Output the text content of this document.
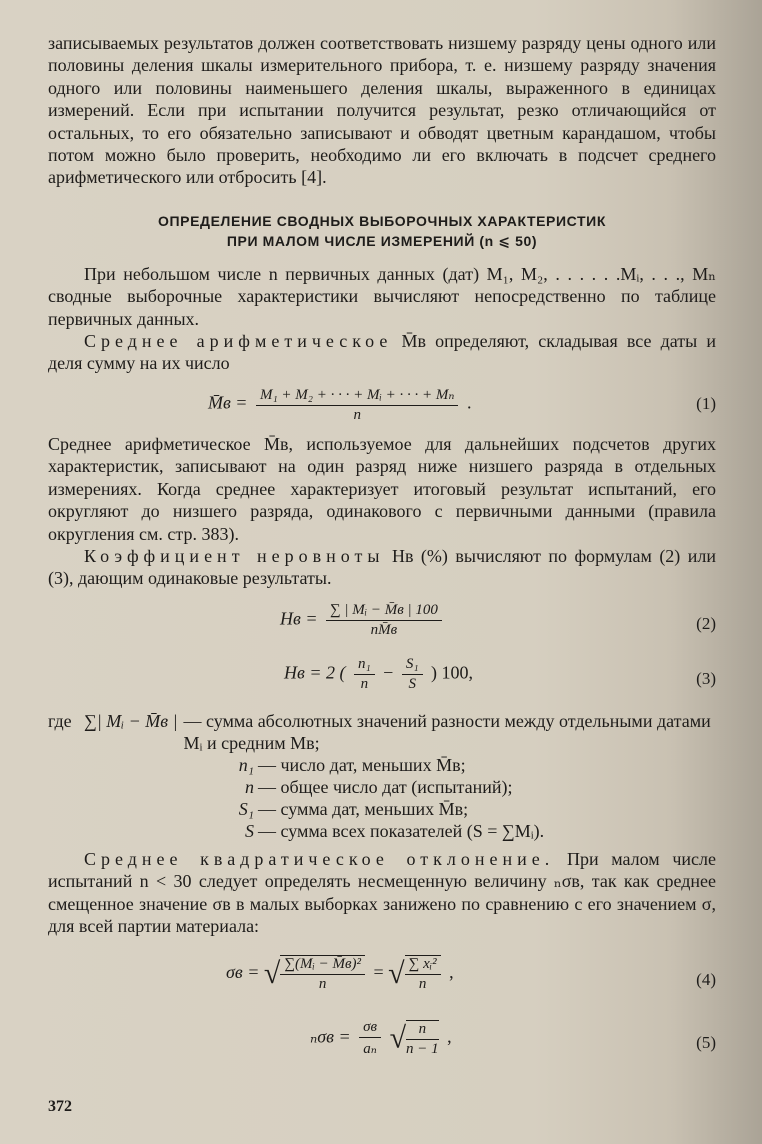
записываемых результатов должен соответствовать низшему разряду цены одного или половины деления шкалы измерительного прибора, т. е. низшему разряду значения одного или половины наименьшего деления шкалы, выраженного в единицах измерений. Если при испытании получится результат, резко отличающийся от остальных, то его обязательно записывают и обводят цветным карандашом, чтобы потом можно было проверить, необходимо ли его включать в подсчет среднего арифметического или отбросить [4].

ОПРЕДЕЛЕНИЕ СВОДНЫХ ВЫБОРОЧНЫХ ХАРАКТЕРИСТИК
ПРИ МАЛОМ ЧИСЛЕ ИЗМЕРЕНИЙ (n ⩽ 50)

При небольшом числе n первичных данных (дат) M₁, M₂, . . . . . .Mᵢ, . . ., Mₙ сводные выборочные характеристики вычисляют непосредственно по таблице первичных данных.

Среднее арифметическое M̄в определяют, складывая все даты и деля сумму на их число

M̄в = $\frac{\text{M₁ + M₂ + · · · + Mᵢ + · · · + Mₙ}}{n}$ .	(1)

Среднее арифметическое M̄в, используемое для дальнейших подсчетов других характеристик, записывают на один разряд ниже низшего разряда в отдельных измерениях. Когда среднее характеризует итоговый результат испытаний, его округляют до низшего разряда, одинакового с первичными данными (правила округления см. стр. 383).

Коэффициент неровноты Hв (%) вычисляют по формулам (2) или (3), дающим одинаковые результаты.

Hв = $\frac{\text{∑ | Mᵢ − M̄в | 100}}{nM̄в}$	(2)
Hв = 2 ( $\frac{\text{n₁}}{n} - \frac{\text{S₁}}{S}$ ) 100,	(3)
где ∑| Mᵢ − M̄в | — сумма абсолютных значений разности между отдельными датами Mᵢ и средним Mв;
n₁ — число дат, меньших M̄в;
n — общее число дат (испытаний);
S₁ — сумма дат, меньших M̄в;
S — сумма всех показателей (S = ∑Mᵢ).

Среднее квадратическое отклонение. При малом числе испытаний n < 30 следует определять несмещенную величину ₙσв, так как среднее смещенное значение σв в малых выборках занижено по сравнению с его значением σ, для всей партии материала:

σв = √ $\frac{\text{∑(Mᵢ − M̄в)²}}{n}$ = √ $\frac{\text{∑ xᵢ²}}{n}$ ,	(4)
$_n\sigma в = \frac{\sigma в}{\text{aₙ}}$ √ $\frac{n}{n - 1}$ ,	(5)
372
